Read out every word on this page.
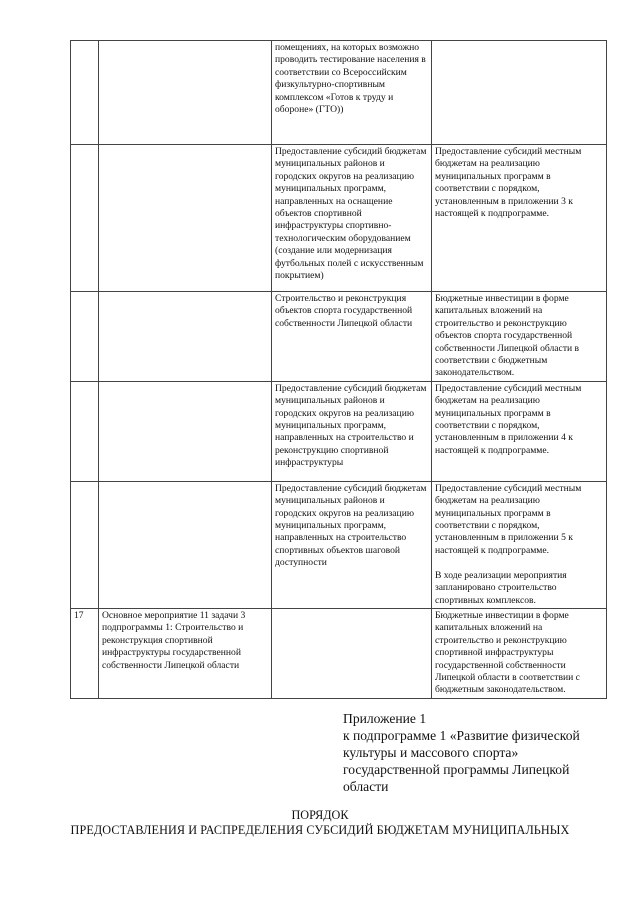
		помещениях, на которых возможно проводить тестирование населения в соответствии со Всероссийским физкультурно-спортивным комплексом «Готов к труду и обороне» (ГТО))	
		Предоставление субсидий бюджетам муниципальных районов и городских округов на реализацию муниципальных программ, направленных на оснащение объектов спортивной инфраструктуры спортивно-технологическим оборудованием (создание или модернизация футбольных полей с искусственным покрытием)	Предоставление субсидий местным бюджетам на реализацию муниципальных программ в соответствии с порядком, установленным в приложении 3 к настоящей к подпрограмме.
		Строительство и реконструкция объектов спорта государственной собственности Липецкой области	Бюджетные инвестиции в форме капитальных вложений на строительство и реконструкцию объектов спорта государственной собственности Липецкой области в соответствии с бюджетным законодательством.
		Предоставление субсидий бюджетам муниципальных районов и городских округов на реализацию муниципальных программ, направленных на строительство и реконструкцию спортивной инфраструктуры	Предоставление субсидий местным бюджетам на реализацию муниципальных программ в соответствии с порядком, установленным в приложении 4 к настоящей к подпрограмме.
		Предоставление субсидий бюджетам муниципальных районов и городских округов на реализацию муниципальных программ, направленных на строительство спортивных объектов шаговой доступности	Предоставление субсидий местным бюджетам на реализацию муниципальных программ в соответствии с порядком, установленным в приложении 5 к настоящей к подпрограмме.

В ходе реализации мероприятия запланировано строительство спортивных комплексов.
17	Основное мероприятие 11 задачи 3 подпрограммы 1: Строительство и реконструкция спортивной инфраструктуры государственной собственности Липецкой области		Бюджетные инвестиции в форме капитальных вложений на строительство и реконструкцию спортивной инфраструктуры государственной собственности Липецкой области в соответствии с бюджетным законодательством.
Приложение 1
к подпрограмме 1 «Развитие физической культуры и массового спорта» государственной программы Липецкой области
ПОРЯДОК
ПРЕДОСТАВЛЕНИЯ И РАСПРЕДЕЛЕНИЯ СУБСИДИЙ БЮДЖЕТАМ МУНИЦИПАЛЬНЫХ
